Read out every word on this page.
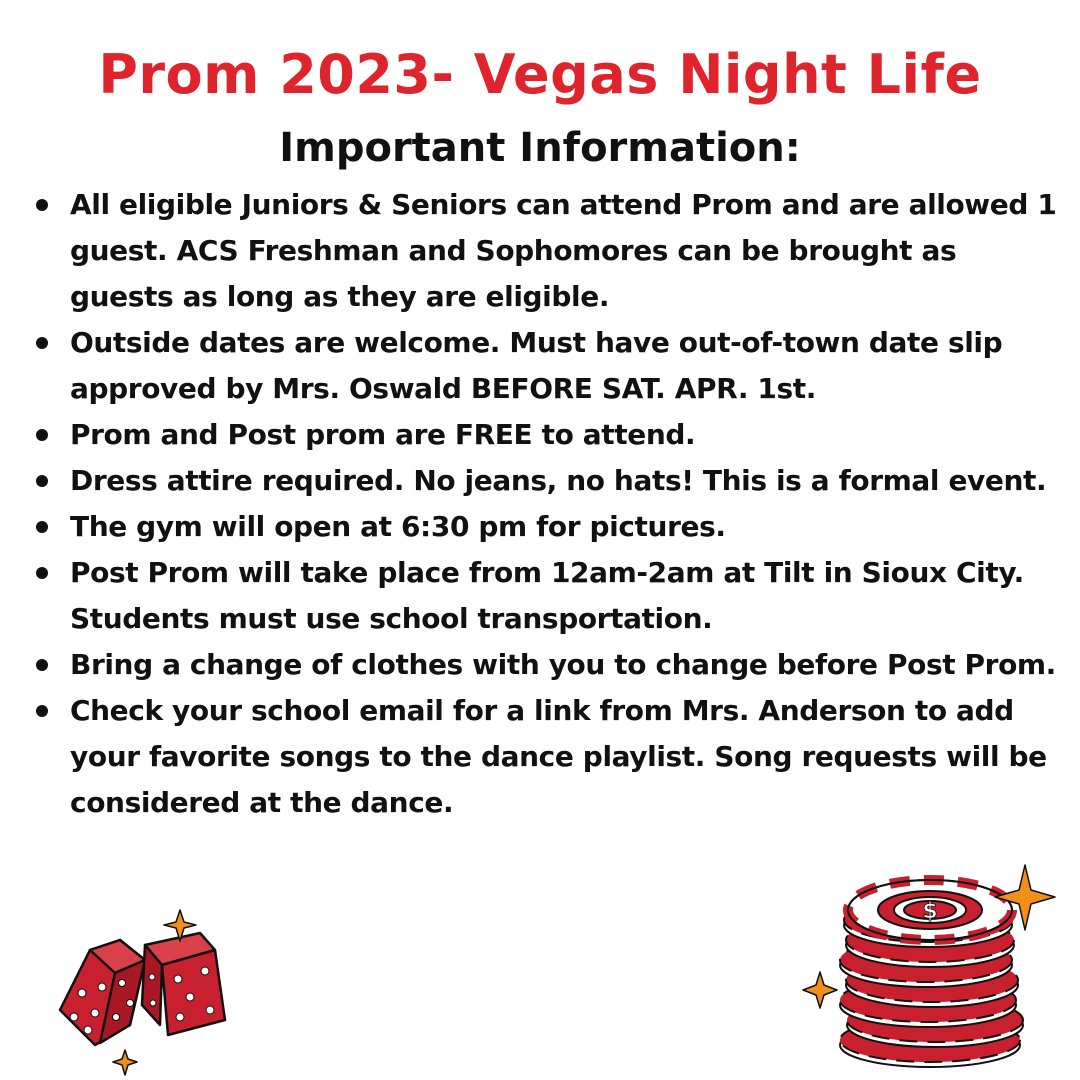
Prom 2023- Vegas Night Life
Important Information:
All eligible Juniors & Seniors can attend Prom and are allowed 1 guest. ACS Freshman and Sophomores can be brought as guests as long as they are eligible.
Outside dates are welcome. Must have out-of-town date slip approved by Mrs. Oswald BEFORE SAT. APR. 1st.
Prom and Post prom are FREE to attend.
Dress attire required. No jeans, no hats! This is a formal event.
The gym will open at 6:30 pm for pictures.
Post Prom will take place from 12am-2am at Tilt in Sioux City. Students must use school transportation.
Bring a change of clothes with you to change before Post Prom.
Check your school email for a link from Mrs. Anderson to add your favorite songs to the dance playlist. Song requests will be considered at the dance.
$
